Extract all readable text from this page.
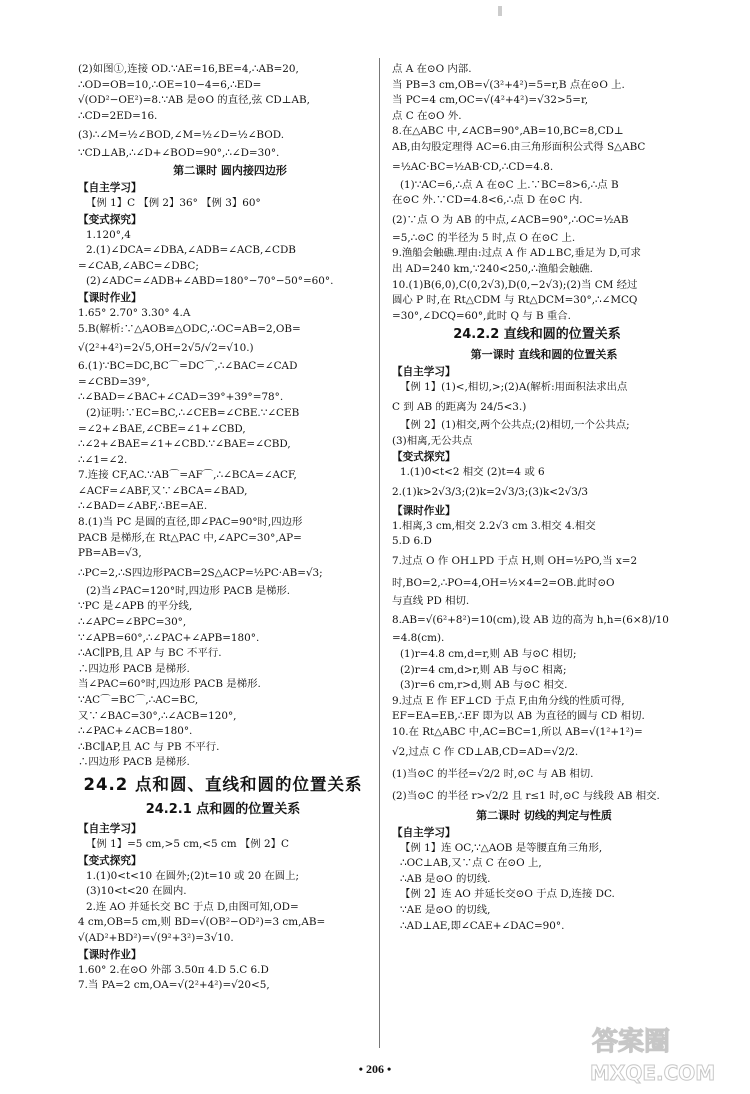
(2)如图①,连接 OD.∵AE=16,BE=4,∴AB=20,
∴OD=OB=10,∴OE=10−4=6,∴ED=
√(OD²−OE²)=8.∵AB 是⊙O 的直径,弦 CD⊥AB,
∴CD=2ED=16.
(3)∴∠M=½∠BOD,∠M=½∠D=½∠BOD.
∵CD⊥AB,∴∠D+∠BOD=90°,∴∠D=30°.
第二课时 圆内接四边形
【自主学习】
【例 1】C 【例 2】36° 【例 3】60°
【变式探究】
1.120°,4
2.(1)∠DCA=∠DBA,∠ADB=∠ACB,∠CDB
=∠CAB,∠ABC=∠DBC;
(2)∠ADC=∠ADB+∠ABD=180°−70°−50°=60°.
【课时作业】
1.65° 2.70° 3.30° 4.A
5.B(解析:∵△AOB≌△ODC,∴OC=AB=2,OB=
√(2²+4²)=2√5,OH=2√5/√2=√10.)
6.(1)∵BC=DC,BC⌒=DC⌒,∴∠BAC=∠CAD
=∠CBD=39°,
∴∠BAD=∠BAC+∠CAD=39°+39°=78°.
(2)证明:∵EC=BC,∴∠CEB=∠CBE.∵∠CEB
=∠2+∠BAE,∠CBE=∠1+∠CBD,
∴∠2+∠BAE=∠1+∠CBD.∵∠BAE=∠CBD,
∴∠1=∠2.
7.连接 CF,AC.∵AB⌒=AF⌒,∴∠BCA=∠ACF,
∠ACF=∠ABF,又∵∠BCA=∠BAD,
∴∠BAD=∠ABF,∴BE=AE.
8.(1)当 PC 是圆的直径,即∠PAC=90°时,四边形
PACB 是梯形,在 Rt△PAC 中,∠APC=30°,AP=
PB=AB=√3,
∴PC=2,∴S四边形PACB=2S△ACP=½PC·AB=√3;
(2)当∠PAC=120°时,四边形 PACB 是梯形.
∵PC 是∠APB 的平分线,
∴∠APC=∠BPC=30°,
∵∠APB=60°,∴∠PAC+∠APB=180°.
∴AC∥PB,且 AP 与 BC 不平行.
∴四边形 PACB 是梯形.
当∠PAC=60°时,四边形 PACB 是梯形.
∵AC⌒=BC⌒,∴AC=BC,
又∵∠BAC=30°,∴∠ACB=120°,
∴∠PAC+∠ACB=180°.
∴BC∥AP,且 AC 与 PB 不平行.
∴四边形 PACB 是梯形.
24.2 点和圆、直线和圆的位置关系
24.2.1 点和圆的位置关系
【自主学习】
【例 1】=5 cm,>5 cm,<5 cm 【例 2】C
【变式探究】
1.(1)0<t<10 在圆外;(2)t=10 或 20 在圆上;
(3)10<t<20 在圆内.
2.连 AO 并延长交 BC 于点 D,由图可知,OD=
4 cm,OB=5 cm,则 BD=√(OB²−OD²)=3 cm,AB=
√(AD²+BD²)=√(9²+3²)=3√10.
【课时作业】
1.60° 2.在⊙O 外部 3.50π 4.D 5.C 6.D
7.当 PA=2 cm,OA=√(2²+4²)=√20<5,
点 A 在⊙O 内部.
当 PB=3 cm,OB=√(3²+4²)=5=r,B 点在⊙O 上.
当 PC=4 cm,OC=√(4²+4²)=√32>5=r,
点 C 在⊙O 外.
8.在△ABC 中,∠ACB=90°,AB=10,BC=8,CD⊥
AB,由勾股定理得 AC=6.由三角形面积公式得 S△ABC
=½AC·BC=½AB·CD,∴CD=4.8.
(1)∵AC=6,∴点 A 在⊙C 上.∵BC=8>6,∴点 B
在⊙C 外.∵CD=4.8<6,∴点 D 在⊙C 内.
(2)∵点 O 为 AB 的中点,∠ACB=90°,∴OC=½AB
=5,∴⊙C 的半径为 5 时,点 O 在⊙C 上.
9.渔船会触礁.理由:过点 A 作 AD⊥BC,垂足为 D,可求
出 AD=240 km,∵240<250,∴渔船会触礁.
10.(1)B(6,0),C(0,2√3),D(0,−2√3);(2)当 CM 经过
圆心 P 时,在 Rt△CDM 与 Rt△DCM=30°,∴∠MCQ
=30°,∠DCQ=60°,此时 Q 与 B 重合.
24.2.2 直线和圆的位置关系
第一课时 直线和圆的位置关系
【自主学习】
【例 1】(1)<,相切,>;(2)A(解析:用面积法求出点
C 到 AB 的距离为 24/5<3.)
【例 2】(1)相交,两个公共点;(2)相切,一个公共点;
(3)相离,无公共点
【变式探究】
1.(1)0<t<2 相交 (2)t=4 或 6
2.(1)k>2√3/3;(2)k=2√3/3;(3)k<2√3/3
【课时作业】
1.相离,3 cm,相交 2.2√3 cm 3.相交 4.相交
5.D 6.D
7.过点 O 作 OH⊥PD 于点 H,则 OH=½PO,当 x=2
时,BO=2,∴PO=4,OH=½×4=2=OB.此时⊙O
与直线 PD 相切.
8.AB=√(6²+8²)=10(cm),设 AB 边的高为 h,h=(6×8)/10
=4.8(cm).
(1)r=4.8 cm,d=r,则 AB 与⊙C 相切;
(2)r=4 cm,d>r,则 AB 与⊙C 相离;
(3)r=6 cm,r>d,则 AB 与⊙C 相交.
9.过点 E 作 EF⊥CD 于点 F,由角分线的性质可得,
EF=EA=EB,∴EF 即为以 AB 为直径的圆与 CD 相切.
10.在 Rt△ABC 中,AC=BC=1,所以 AB=√(1²+1²)=
√2,过点 C 作 CD⊥AB,CD=AD=√2/2.
(1)当⊙C 的半径=√2/2 时,⊙C 与 AB 相切.
(2)当⊙C 的半径 r>√2/2 且 r≤1 时,⊙C 与线段 AB 相交.
第二课时 切线的判定与性质
【自主学习】
【例 1】连 OC,∵△AOB 是等腰直角三角形,
∴OC⊥AB,又∵点 C 在⊙O 上,
∴AB 是⊙O 的切线.
【例 2】连 AO 并延长交⊙O 于点 D,连接 DC.
∵AE 是⊙O 的切线,
∴AD⊥AE,即∠CAE+∠DAC=90°.
• 206 •
答案圈
MXQE.COM
